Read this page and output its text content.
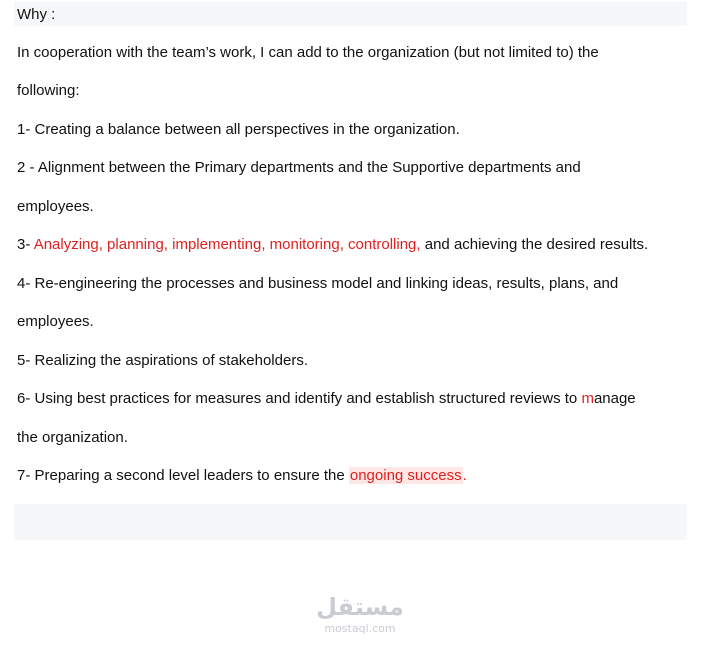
Why :
In cooperation with the team’s work, I can add to the organization (but not limited to) the
following:
1- Creating a balance between all perspectives in the organization.
2 - Alignment between the Primary departments and the Supportive departments and
employees.
3- Analyzing, planning, implementing, monitoring, controlling, and achieving the desired results.
4- Re-engineering the processes and business model and linking ideas, results, plans, and
employees.
5- Realizing the aspirations of stakeholders.
6- Using best practices for measures and identify and establish structured reviews to manage
the organization.
7- Preparing a second level leaders to ensure the ongoing success.
مستقل
mostaqi.com
